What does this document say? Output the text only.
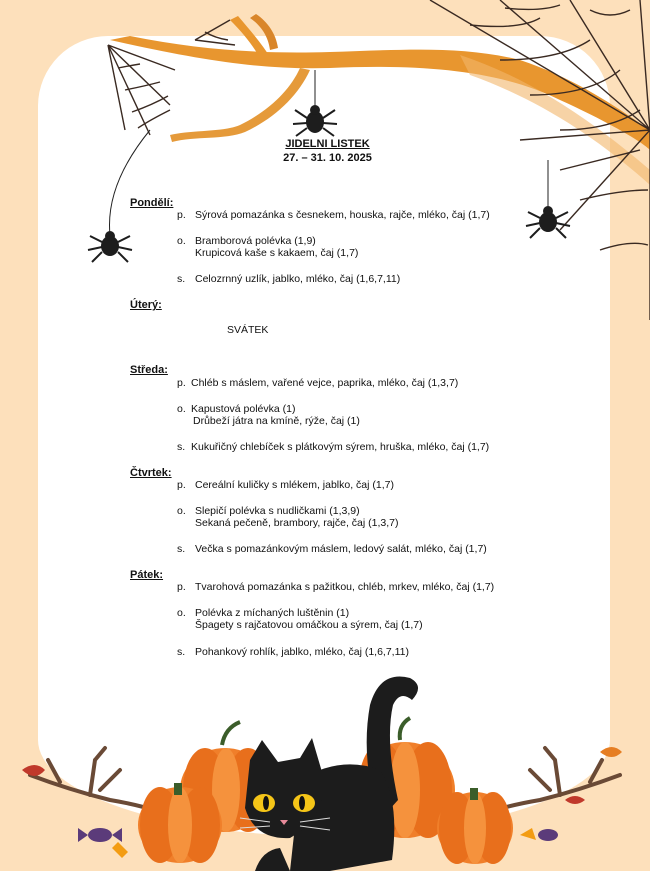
JIDELNI LISTEK
27. – 31. 10. 2025
Pondělí:
p. Sýrová pomazánka s česnekem, houska, rajče, mléko, čaj (1,7)
o. Bramborová polévka (1,9)
Krupicová kaše s kakaem, čaj (1,7)
s. Celozrnný uzlík, jablko, mléko, čaj (1,6,7,11)
Úterý:
SVÁTEK
Středa:
p. Chléb s máslem, vařené vejce, paprika, mléko, čaj (1,3,7)
o. Kapustová polévka (1)
Drůbeží játra na kmíně, rýže, čaj (1)
s. Kukuřičný chlebíček s plátkovým sýrem, hruška, mléko, čaj (1,7)
Čtvrtek:
p. Cereální kuličky s mlékem, jablko, čaj (1,7)
o. Slepičí polévka s nudličkami (1,3,9)
Sekaná pečeně, brambory, rajče, čaj (1,3,7)
s. Večka s pomazánkovým máslem, ledový salát, mléko, čaj (1,7)
Pátek:
p. Tvarohová pomazánka s pažitkou, chléb, mrkev, mléko, čaj (1,7)
o. Polévka z míchaných luštěnin (1)
Špagety s rajčatovou omáčkou a sýrem, čaj (1,7)
s. Pohankový rohlík, jablko, mléko, čaj (1,6,7,11)
